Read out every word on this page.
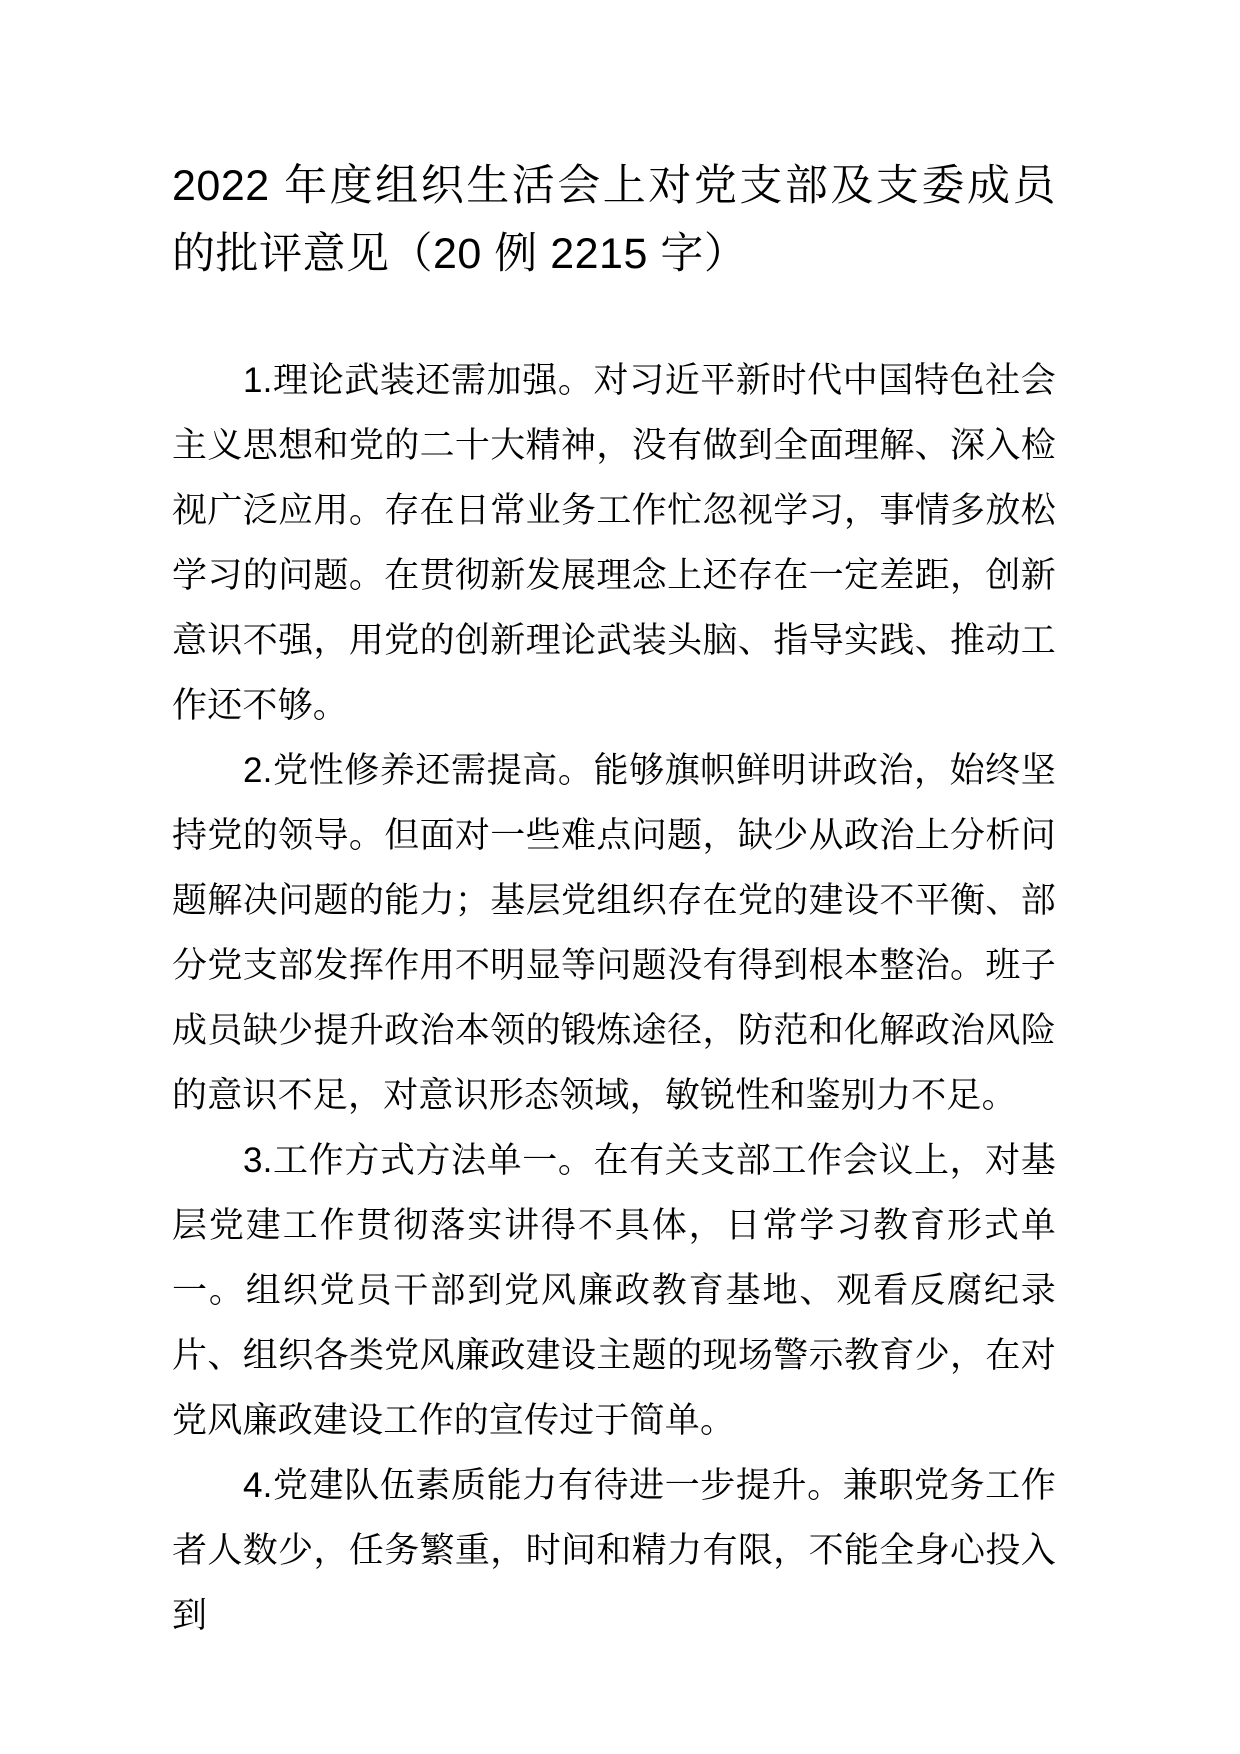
2022 年度组织生活会上对党支部及支委成员的批评意见（20 例 2215 字）

1.理论武装还需加强。对习近平新时代中国特色社会主义思想和党的二十大精神，没有做到全面理解、深入检视广泛应用。存在日常业务工作忙忽视学习，事情多放松学习的问题。在贯彻新发展理念上还存在一定差距，创新意识不强，用党的创新理论武装头脑、指导实践、推动工作还不够。

2.党性修养还需提高。能够旗帜鲜明讲政治，始终坚持党的领导。但面对一些难点问题，缺少从政治上分析问题解决问题的能力；基层党组织存在党的建设不平衡、部分党支部发挥作用不明显等问题没有得到根本整治。班子成员缺少提升政治本领的锻炼途径，防范和化解政治风险的意识不足，对意识形态领域，敏锐性和鉴别力不足。

3.工作方式方法单一。在有关支部工作会议上，对基层党建工作贯彻落实讲得不具体，日常学习教育形式单一。组织党员干部到党风廉政教育基地、观看反腐纪录片、组织各类党风廉政建设主题的现场警示教育少，在对党风廉政建设工作的宣传过于简单。

4.党建队伍素质能力有待进一步提升。兼职党务工作者人数少，任务繁重，时间和精力有限，不能全身心投入到
